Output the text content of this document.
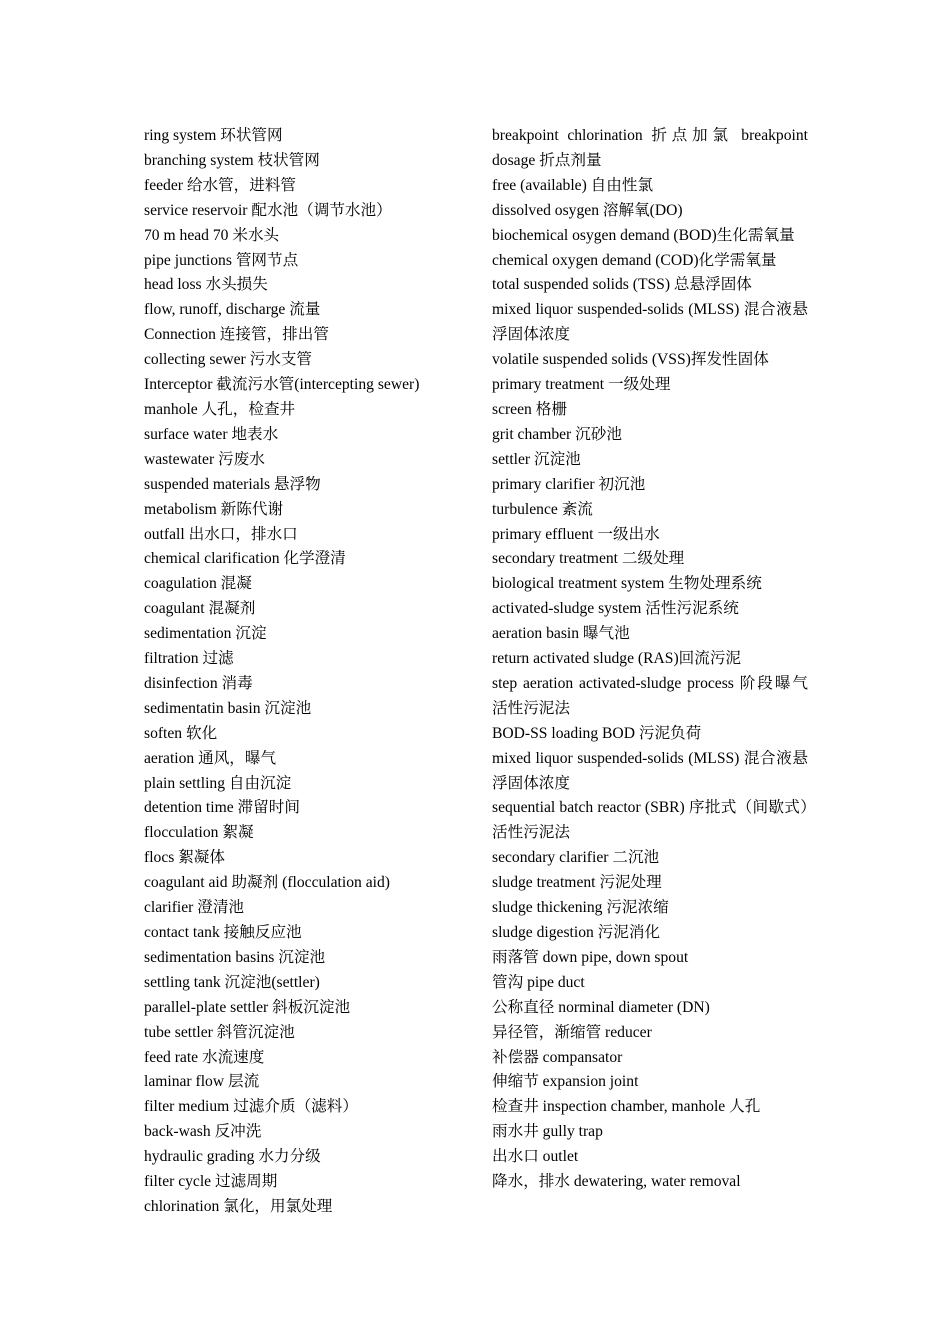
ring system 环状管网

branching system 枝状管网

feeder 给水管，进料管

service reservoir 配水池（调节水池）

70 m head 70 米水头

pipe junctions 管网节点

head loss 水头损失

flow, runoff, discharge 流量

Connection 连接管，排出管

collecting sewer 污水支管

Interceptor 截流污水管(intercepting sewer)

manhole 人孔，检查井

surface water 地表水

wastewater 污废水

suspended materials 悬浮物

metabolism 新陈代谢

outfall 出水口，排水口

chemical clarification 化学澄清

coagulation 混凝

coagulant 混凝剂

sedimentation 沉淀

filtration 过滤

disinfection 消毒

sedimentatin basin 沉淀池

soften 软化

aeration 通风，曝气

plain settling 自由沉淀

detention time 滞留时间

flocculation 絮凝

flocs 絮凝体

coagulant aid 助凝剂 (flocculation aid)

clarifier 澄清池

contact tank 接触反应池

sedimentation basins 沉淀池

settling tank 沉淀池(settler)

parallel-plate settler 斜板沉淀池

tube settler 斜管沉淀池

feed rate 水流速度

laminar flow 层流

filter medium 过滤介质（滤料）

back-wash 反冲洗

hydraulic grading 水力分级

filter cycle 过滤周期

chlorination 氯化，用氯处理

breakpoint chlorination 折点加氯 breakpoint dosage 折点剂量

free (available) 自由性氯

dissolved osygen 溶解氧(DO)

biochemical osygen demand (BOD)生化需氧量

chemical oxygen demand (COD)化学需氧量

total suspended solids (TSS) 总悬浮固体

mixed liquor suspended-solids (MLSS) 混合液悬浮固体浓度

volatile suspended solids (VSS)挥发性固体

primary treatment 一级处理

screen 格栅

grit chamber 沉砂池

settler 沉淀池

primary clarifier 初沉池

turbulence 紊流

primary effluent 一级出水

secondary treatment 二级处理

biological treatment system 生物处理系统

activated-sludge system 活性污泥系统

aeration basin 曝气池

return activated sludge (RAS)回流污泥

step aeration activated-sludge process 阶段曝气活性污泥法

BOD-SS loading BOD 污泥负荷

mixed liquor suspended-solids (MLSS) 混合液悬浮固体浓度

sequential batch reactor (SBR) 序批式（间歇式）活性污泥法

secondary clarifier 二沉池

sludge treatment 污泥处理

sludge thickening 污泥浓缩

sludge digestion 污泥消化

雨落管 down pipe, down spout

管沟 pipe duct

公称直径 norminal diameter (DN)

异径管，渐缩管 reducer

补偿器 compansator

伸缩节 expansion joint

检查井 inspection chamber, manhole 人孔

雨水井 gully trap

出水口 outlet

降水，排水 dewatering, water removal
